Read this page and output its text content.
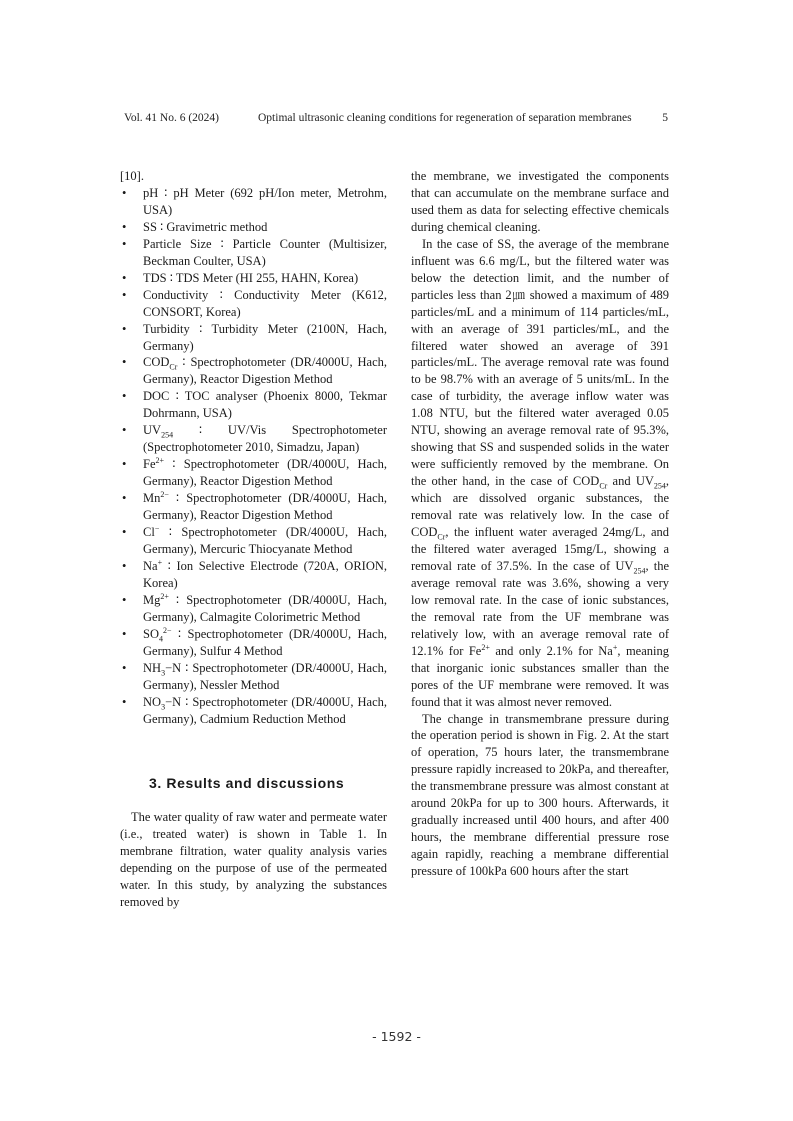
Vol. 41 No. 6 (2024)	Optimal ultrasonic cleaning conditions for regeneration of separation membranes	5

[10].

• pH ∶ pH Meter (692 pH/Ion meter, Metrohm, USA)
• SS ∶ Gravimetric method
• Particle Size ∶ Particle Counter (Multisizer, Beckman Coulter, USA)
• TDS ∶ TDS Meter (HI 255, HAHN, Korea)
• Conductivity ∶ Conductivity Meter (K612, CONSORT, Korea)
• Turbidity ∶ Turbidity Meter (2100N, Hach, Germany)
• $COD_{Cr}$ ∶ Spectrophotometer (DR/4000U, Hach, Germany), Reactor Digestion Method
• DOC ∶ TOC analyser (Phoenix 8000, Tekmar Dohrmann, USA)
• $UV_{254}$ ∶ UV/Vis Spectrophotometer (Spectrophotometer 2010, Simadzu, Japan)
• $Fe^{2+}$ ∶ Spectrophotometer (DR/4000U, Hach, Germany), Reactor Digestion Method
• $Mn^{2-}$ ∶ Spectrophotometer (DR/4000U, Hach, Germany), Reactor Digestion Method
• Cl− ∶ Spectrophotometer (DR/4000U, Hach, Germany), Mercuric Thiocyanate Method
• Na+ ∶ Ion Selective Electrode (720A, ORION, Korea)
• $Mg^{2+}$ ∶ Spectrophotometer (DR/4000U, Hach, Germany), Calmagite Colorimetric Method
• $SO_4^{2-}$ ∶ Spectrophotometer (DR/4000U, Hach, Germany), Sulfur 4 Method
• $NH_3-N$ ∶ Spectrophotometer (DR/4000U, Hach, Germany), Nessler Method
• $NO_3-N$ ∶ Spectrophotometer (DR/4000U, Hach, Germany), Cadmium Reduction Method
3. Results and discussions

The water quality of raw water and permeate water (i.e., treated water) is shown in Table 1. In membrane filtration, water quality analysis varies depending on the purpose of use of the permeated water. In this study, by analyzing the substances removed by

the membrane, we investigated the components that can accumulate on the membrane surface and used them as data for selecting effective chemicals during chemical cleaning.

In the case of SS, the average of the membrane influent was 6.6 mg/L, but the filtered water was below the detection limit, and the number of particles less than 2㎛ showed a maximum of 489 particles/mL and a minimum of 114 particles/mL, with an average of 391 particles/mL, and the filtered water showed an average of 391 particles/mL. The average removal rate was found to be 98.7% with an average of 5 units/mL. In the case of turbidity, the average inflow water was 1.08 NTU, but the filtered water averaged 0.05 NTU, showing an average removal rate of 95.3%, showing that SS and suspended solids in the water were sufficiently removed by the membrane. On the other hand, in the case of $COD_{Cr}$ and $UV_{254}$, which are dissolved organic substances, the removal rate was relatively low. In the case of $COD_{Cr}$, the influent water averaged 24mg/L, and the filtered water averaged 15mg/L, showing a removal rate of 37.5%. In the case of $UV_{254}$, the average removal rate was 3.6%, showing a very low removal rate. In the case of ionic substances, the removal rate from the UF membrane was relatively low, with an average removal rate of 12.1% for $Fe^{2+}$ and only 2.1% for Na+, meaning that inorganic ionic substances smaller than the pores of the UF membrane were removed. It was found that it was almost never removed.

The change in transmembrane pressure during the operation period is shown in Fig. 2. At the start of operation, 75 hours later, the transmembrane pressure rapidly increased to 20kPa, and thereafter, the transmembrane pressure was almost constant at around 20kPa for up to 300 hours. Afterwards, it gradually increased until 400 hours, and after 400 hours, the membrane differential pressure rose again rapidly, reaching a membrane differential pressure of 100kPa 600 hours after the start

- 1592 -
